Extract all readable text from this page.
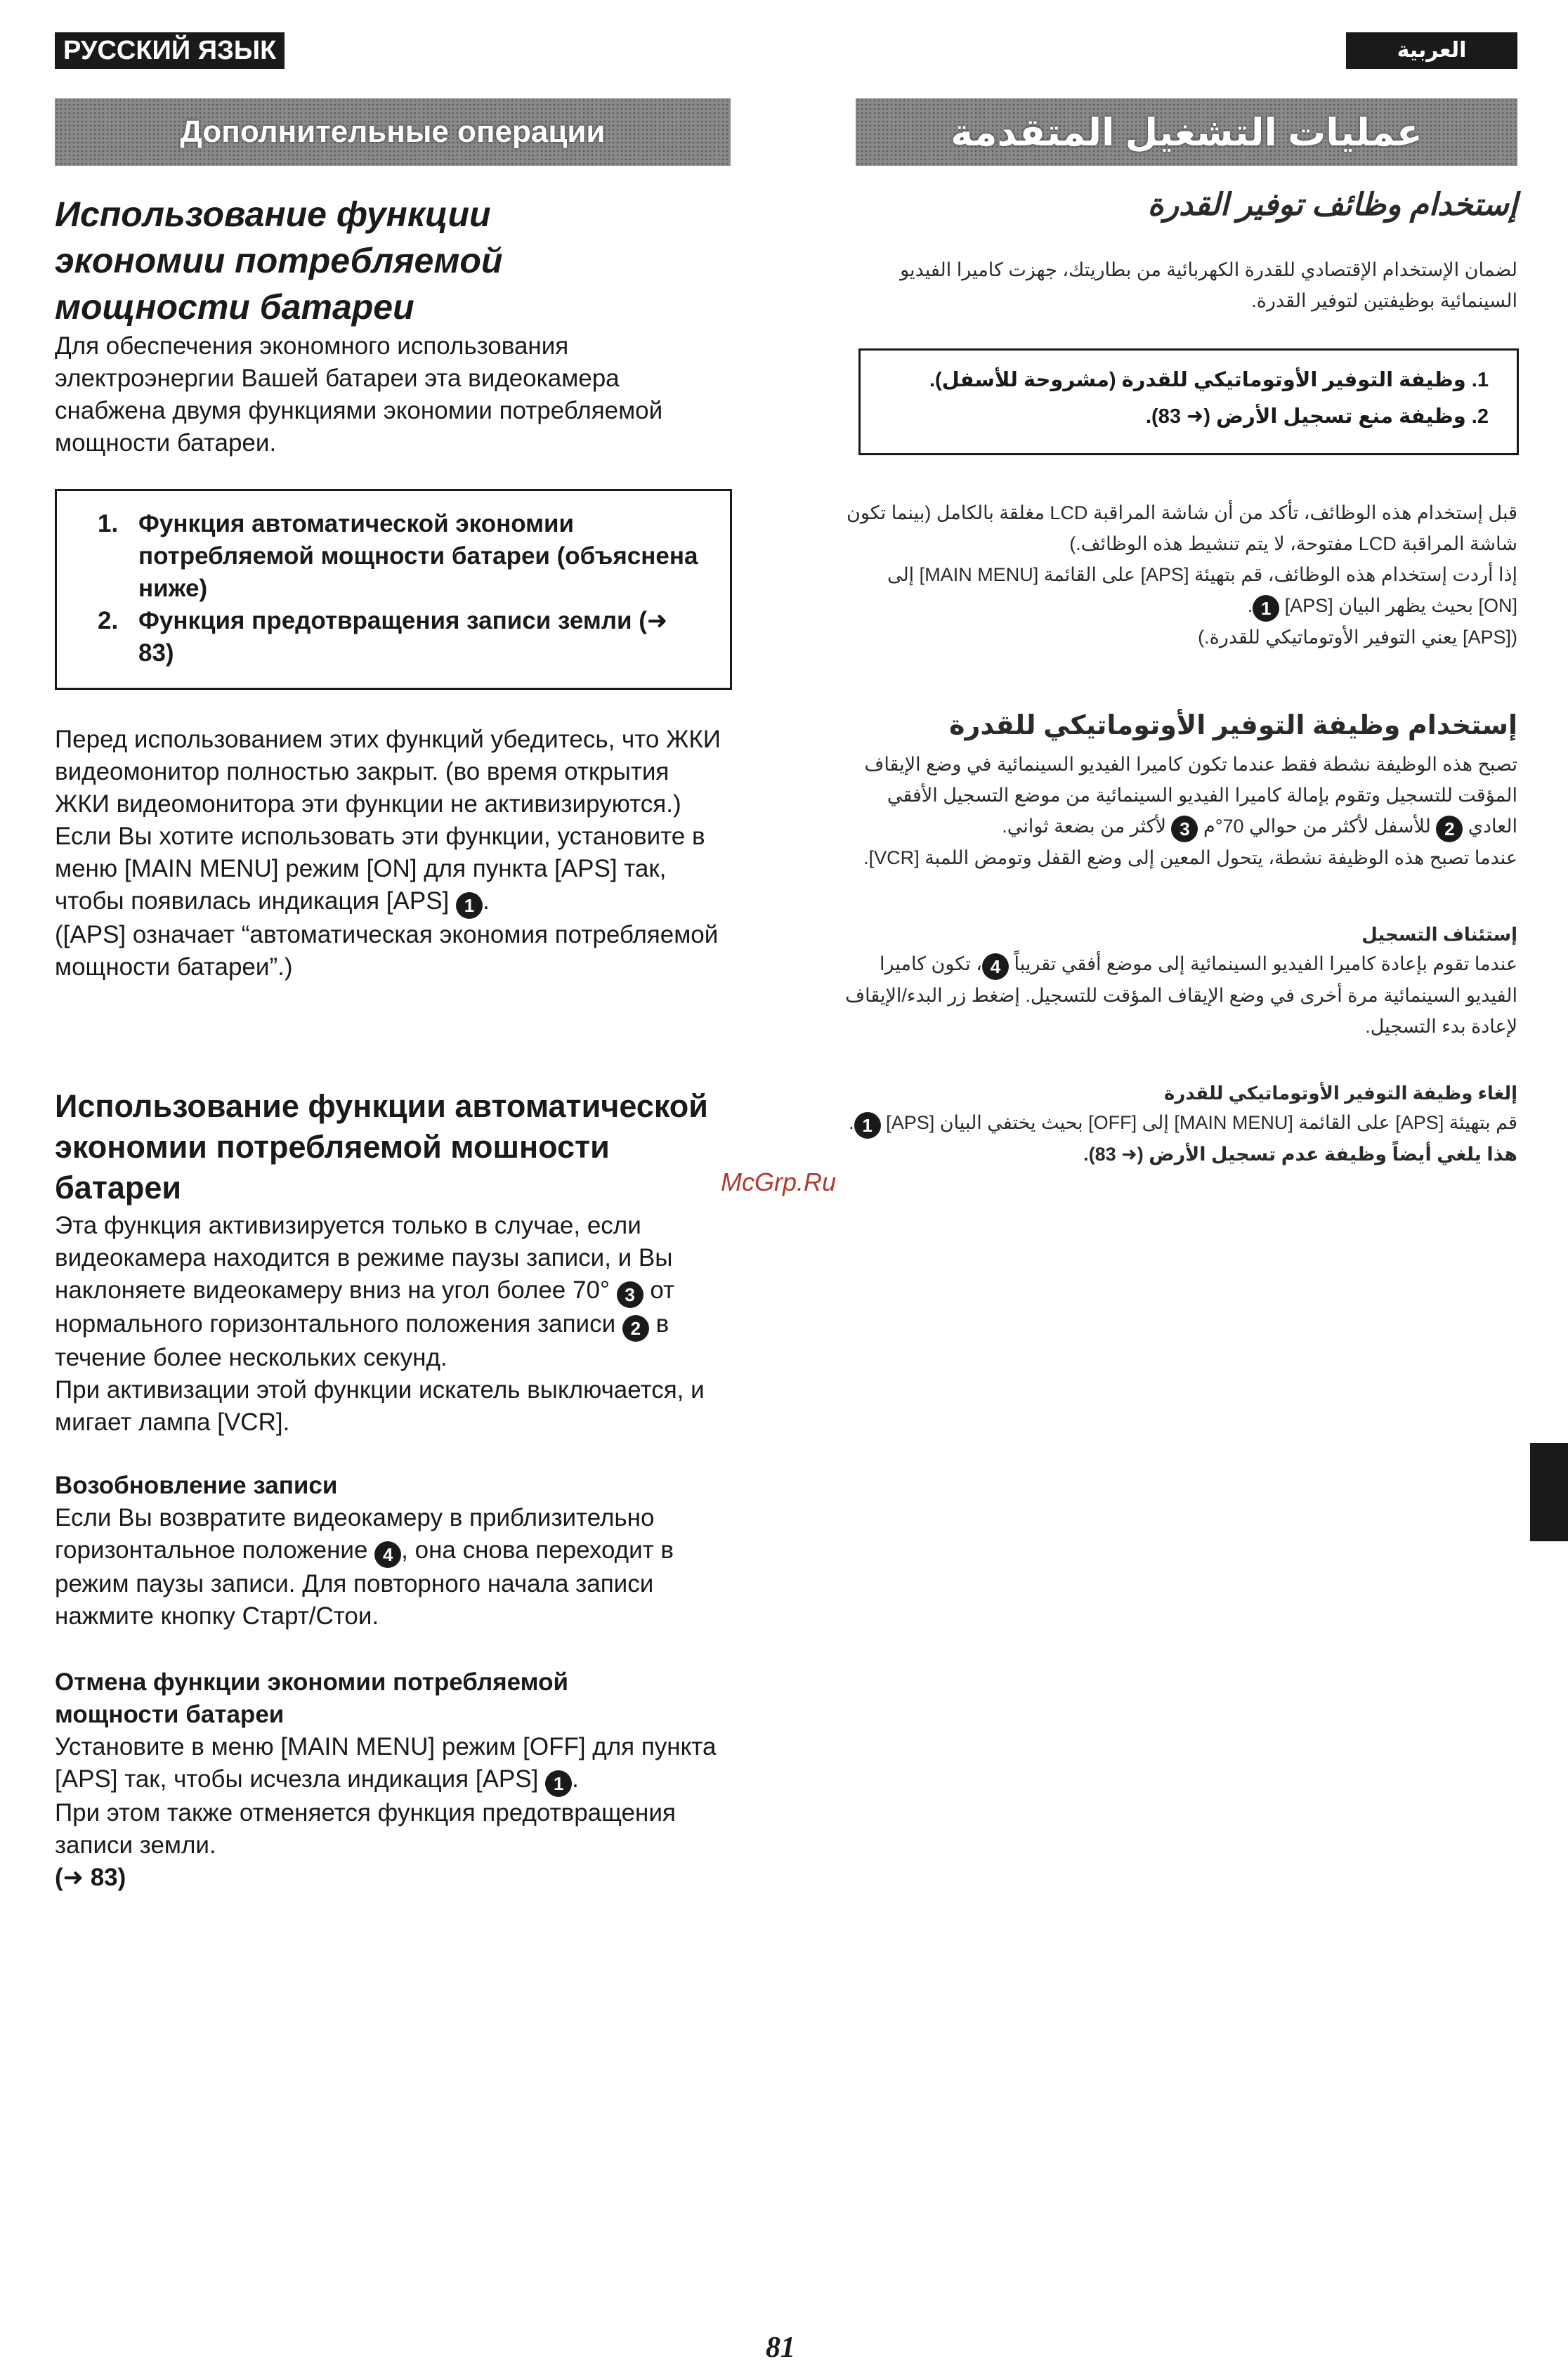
РУССКИЙ ЯЗЫК	العربية
Дополнительные операции	عمليات التشغيل المتقدمة
Использование функции экономии потребляемой мощности батареи

Для обеспечения экономного использования электроэнергии Вашей батареи эта видеокамера снабжена двумя функциями экономии потребляемой мощности батареи.

1. Функция автоматической экономии потребляемой мощности батареи (объяснена ниже)
2. Функция предотвращения записи земли (➜ 83)

Перед использованием этих функций убедитесь, что ЖКИ видеомонитор полностью закрыт. (во время открытия ЖКИ видеомонитора эти функции не активизируются.)

Если Вы хотите использовать эти функции, установите в меню [MAIN MENU] режим [ON] для пункта [APS] так, чтобы появилась индикация [APS] 1 .

([APS] означает “автоматическая экономия потребляемой мощности батареи”.)

Использование функции автоматической экономии потребляемой мошности батареи

Эта функция активизируется только в случае, если видеокамера находится в режиме паузы записи, и Вы наклоняете видеокамеру вниз на угол более 70° 3 от нормального горизонтального положения записи 2 в течение более нескольких секунд.

При активизации этой функции искатель выключается, и мигает лампа [VCR].

Возобновление записи

Если Вы возвратите видеокамеру в приблизительно горизонтальное положение 4 , она снова переходит в режим паузы записи. Для повторного начала записи нажмите кнопку Старт/Стои.

Отмена функции экономии потребляемой мощности батареи

Установите в меню [MAIN MENU] режим [OFF] для пункта [APS] так, чтобы исчезла индикация [APS] 1 .

При этом также отменяется функция предотвращения записи земли.

(➜ 83)

إستخدام وظائف توفير القدرة

لضمان الإستخدام الإقتصادي للقدرة الكهربائية من بطاريتك، جهزت كاميرا الفيديو السينمائية بوظيفتين لتوفير القدرة.

1. وظيفة التوفير الأوتوماتيكي للقدرة (مشروحة للأسفل).
2. وظيفة منع تسجيل الأرض (➜ 83).

قبل إستخدام هذه الوظائف، تأكد من أن شاشة المراقبة LCD مغلقة بالكامل (بينما تكون شاشة المراقبة LCD مفتوحة، لا يتم تنشيط هذه الوظائف.)

إذا أردت إستخدام هذه الوظائف، قم بتهيئة [APS] على القائمة [MAIN MENU] إلى [ON] بحيث يظهر البيان [APS] 1.

([APS] يعني التوفير الأوتوماتيكي للقدرة.)

إستخدام وظيفة التوفير الأوتوماتيكي للقدرة

تصبح هذه الوظيفة نشطة فقط عندما تكون كاميرا الفيديو السينمائية في وضع الإيقاف المؤقت للتسجيل وتقوم بإمالة كاميرا الفيديو السينمائية من موضع التسجيل الأفقي العادي 2 للأسفل لأكثر من حوالي 70°م 3 لأكثر من بضعة ثواني.

عندما تصبح هذه الوظيفة نشطة، يتحول المعين إلى وضع القفل وتومض اللمبة [VCR].

إستئناف التسجيل

عندما تقوم بإعادة كاميرا الفيديو السينمائية إلى موضع أفقي تقريباً 4، تكون كاميرا الفيديو السينمائية مرة أخرى في وضع الإيقاف المؤقت للتسجيل. إضغط زر البدء/الإيقاف لإعادة بدء التسجيل.

إلغاء وظيفة التوفير الأوتوماتيكي للقدرة

قم بتهيئة [APS] على القائمة [MAIN MENU] إلى [OFF] بحيث يختفي البيان [APS] 1.

هذا يلغي أيضاً وظيفة عدم تسجيل الأرض (➜ 83).

McGrp.Ru
81
